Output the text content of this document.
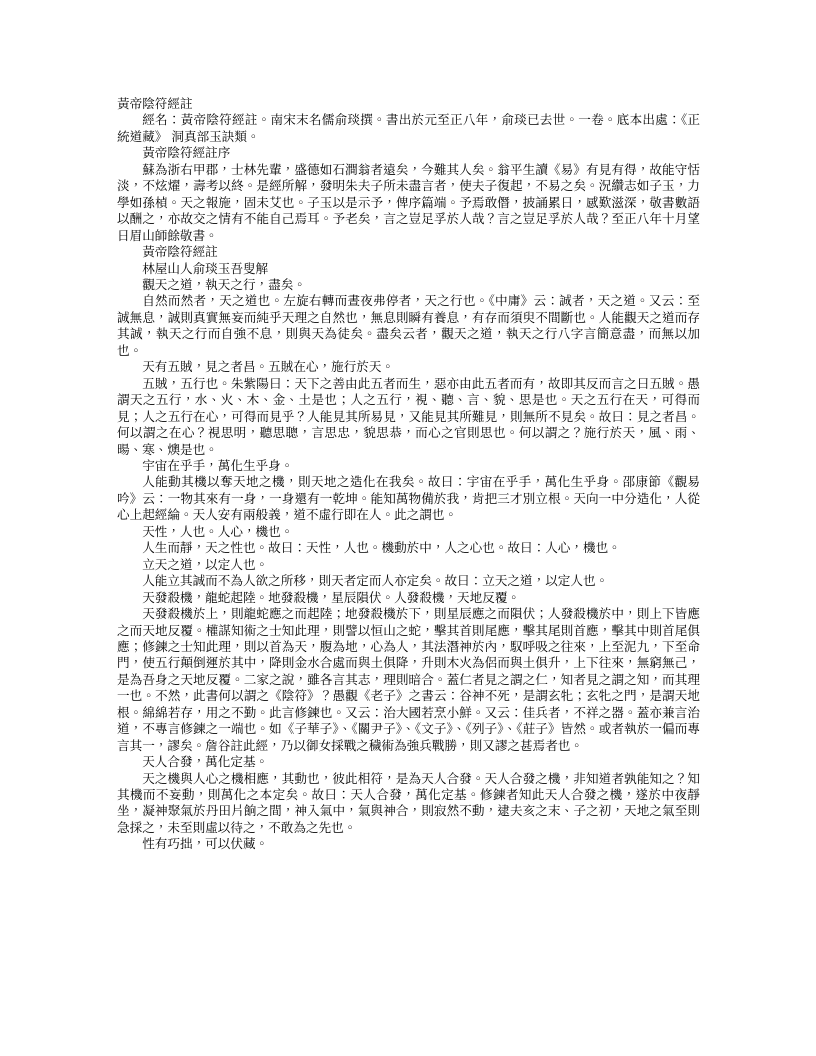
黃帝陰符經註

經名：黃帝陰符經註。南宋末名儒俞琰撰。書出於元至正八年，俞琰已去世。一卷。底本出處：《正統道藏》 洞真部玉訣類。

黃帝陰符經註序

蘇為浙右甲郡，士林先輩，盛德如石澗翁者遠矣，今難其人矣。翁平生讀《易》有見有得，故能守恬淡，不炫燿，壽考以終。是經所解，發明朱夫子所未盡言者，使夫子復起，不易之矣。況纘志如子玉，力學如孫楨。天之報施，固未艾也。子玉以是示予，俾序篇端。予焉敢僭，披誦累日，感歎滋深，敬書數語以酬之，亦故交之情有不能自己焉耳。予老矣，言之豈足孚於人哉？言之豈足孚於人哉？至正八年十月望日眉山師餘敬書。

黃帝陰符經註

林屋山人俞琰玉吾叟解

觀天之道，執天之行，盡矣。

自然而然者，天之道也。左旋右轉而晝夜弗停者，天之行也。《中庸》云：誠者，天之道。又云：至誠無息，誠則真實無妄而純乎天理之自然也，無息則瞬有養息，有存而須臾不間斷也。人能觀天之道而存其誠，執天之行而自強不息，則與天為徒矣。盡矣云者，觀天之道，執天之行八字言簡意盡，而無以加也。

天有五賊，見之者昌。五賊在心，施行於天。

五賊，五行也。朱紫陽曰：天下之善由此五者而生，惡亦由此五者而有，故即其反而言之曰五賊。愚謂天之五行，水、火、木、金、土是也；人之五行，視、聽、言、貌、思是也。天之五行在天，可得而見；人之五行在心，可得而見乎？人能見其所易見，又能見其所難見，則無所不見矣。故曰：見之者昌。何以謂之在心？視思明，聽思聰，言思忠，貌思恭，而心之官則思也。何以謂之？施行於天，風、雨、暘、寒、燠是也。

宇宙在乎手，萬化生乎身。

人能動其機以奪天地之機，則天地之造化在我矣。故曰：宇宙在乎手，萬化生乎身。邵康節《觀易吟》云：一物其來有一身，一身還有一乾坤。能知萬物備於我，肯把三才別立根。天向一中分造化，人從心上起經綸。天人安有兩般義，道不虛行即在人。此之謂也。

天性，人也。人心，機也。

人生而靜，天之性也。故曰：天性，人也。機動於中，人之心也。故曰：人心，機也。

立天之道，以定人也。

人能立其誠而不為人欲之所移，則天者定而人亦定矣。故曰：立天之道，以定人也。

天發殺機，龍蛇起陸。地發殺機，星辰隕伏。人發殺機，天地反覆。

天發殺機於上，則龍蛇應之而起陸；地發殺機於下，則星辰應之而隕伏；人發殺機於中，則上下皆應之而天地反覆。權謀知術之士知此理，則譬以恒山之蛇，擊其首則尾應，擊其尾則首應，擊其中則首尾俱應；修鍊之士知此理，則以首為天，腹為地，心為人，其法潛神於內，馭呼吸之往來，上至泥九，下至命門，使五行顛倒運於其中，降則金水合處而與土俱降，升則木火為侶而與土俱升，上下往來，無窮無己，是為吾身之天地反覆。二家之說，雖各言其志，理則暗合。蓋仁者見之謂之仁，知者見之謂之知，而其理一也。不然，此書何以謂之《陰符》？愚觀《老子》之書云：谷神不死，是謂玄牝；玄牝之門，是謂天地根。綿綿若存，用之不勤。此言修鍊也。又云：治大國若烹小鮮。又云：佳兵者，不祥之器。蓋亦兼言治道，不專言修鍊之一端也。如《子華子》、《關尹子》、《文子》、《列子》、《莊子》皆然。或者執於一偏而專言其一，謬矣。詹谷註此經，乃以御女採戰之穢術為強兵戰勝，則又謬之甚焉者也。

天人合發，萬化定基。

天之機與人心之機相應，其動也，彼此相符，是為天人合發。天人合發之機，非知道者孰能知之？知其機而不妄動，則萬化之本定矣。故曰：天人合發，萬化定基。修鍊者知此天人合發之機，遂於中夜靜坐，凝神聚氣於丹田片餉之間，神入氣中，氣與神合，則寂然不動，逮夫亥之末、子之初，天地之氣至則急採之，未至則虛以待之，不敢為之先也。

性有巧拙，可以伏藏。
